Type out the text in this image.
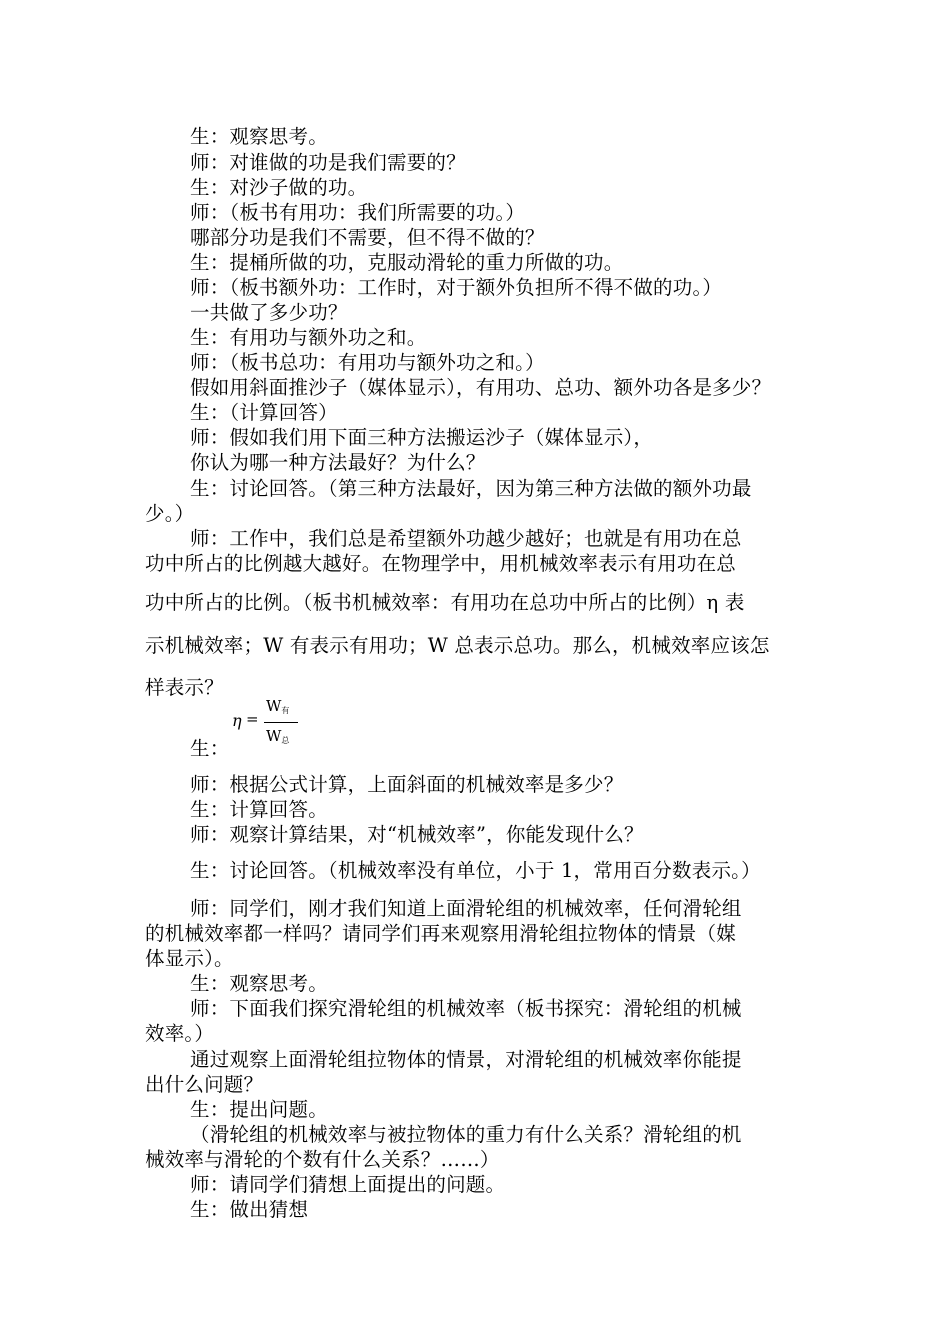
生：观察思考。
师：对谁做的功是我们需要的？
生：对沙子做的功。
师：（板书有用功：我们所需要的功。）
哪部分功是我们不需要，但不得不做的？
生：提桶所做的功，克服动滑轮的重力所做的功。
师：（板书额外功：工作时，对于额外负担所不得不做的功。）
一共做了多少功？
生：有用功与额外功之和。
师：（板书总功：有用功与额外功之和。）
假如用斜面推沙子（媒体显示），有用功、总功、额外功各是多少？
生：（计算回答）
师：假如我们用下面三种方法搬运沙子（媒体显示），
你认为哪一种方法最好？为什么？
生：讨论回答。（第三种方法最好，因为第三种方法做的额外功最
少。）
师：工作中，我们总是希望额外功越少越好；也就是有用功在总
功中所占的比例越大越好。在物理学中，用机械效率表示有用功在总
功中所占的比例。（板书机械效率：有用功在总功中所占的比例）η 表
示机械效率；W 有表示有用功；W 总表示总功。那么，机械效率应该怎
样表示？
生：
η =
$W_有$
$W_总$
师：根据公式计算，上面斜面的机械效率是多少？
生：计算回答。
师：观察计算结果，对“机械效率”，你能发现什么？
生：讨论回答。（机械效率没有单位，小于 1，常用百分数表示。）
师：同学们，刚才我们知道上面滑轮组的机械效率，任何滑轮组
的机械效率都一样吗？请同学们再来观察用滑轮组拉物体的情景（媒
体显示）。
生：观察思考。
师：下面我们探究滑轮组的机械效率（板书探究：滑轮组的机械
效率。）
通过观察上面滑轮组拉物体的情景，对滑轮组的机械效率你能提
出什么问题？
生：提出问题。
（滑轮组的机械效率与被拉物体的重力有什么关系？滑轮组的机
械效率与滑轮的个数有什么关系？……）
师：请同学们猜想上面提出的问题。
生：做出猜想
